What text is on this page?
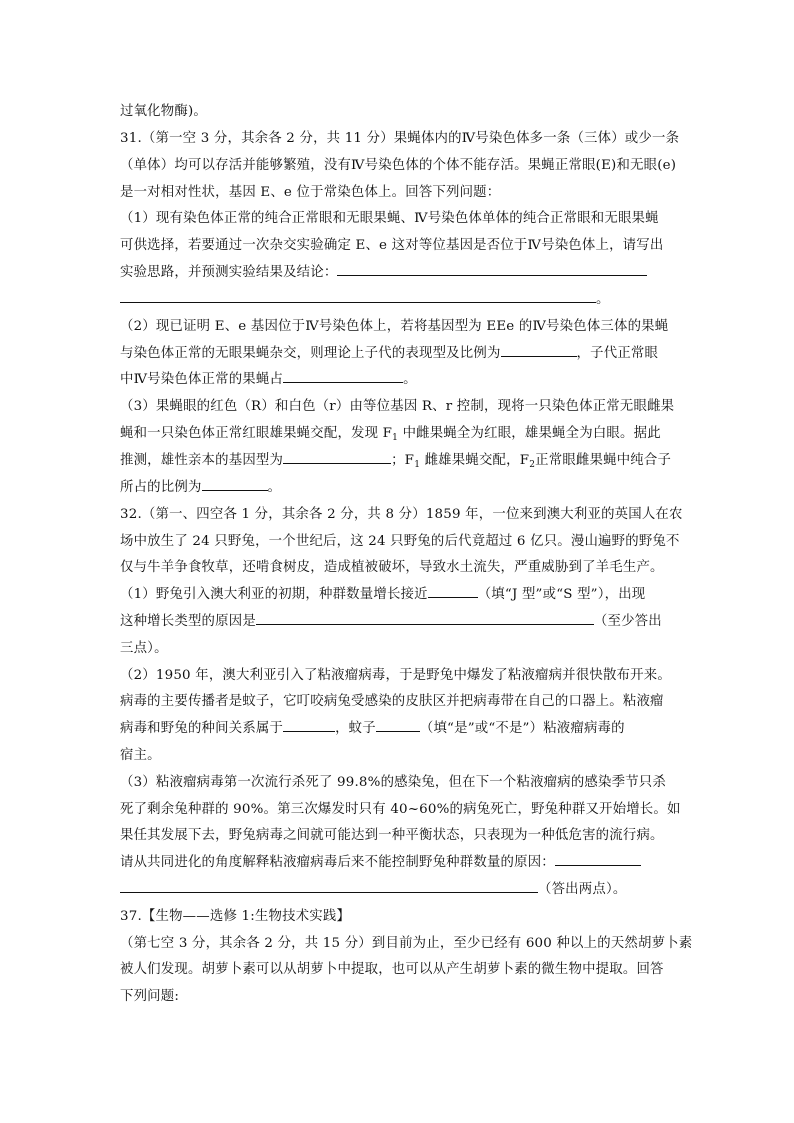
过氧化物酶)。
31.（第一空 3 分，其余各 2 分，共 11 分）果蝇体内的Ⅳ号染色体多一条（三体）或少一条
（单体）均可以存活并能够繁殖，没有Ⅳ号染色体的个体不能存活。果蝇正常眼(E)和无眼(e)
是一对相对性状，基因 E、e 位于常染色体上。回答下列问题：
（1）现有染色体正常的纯合正常眼和无眼果蝇、Ⅳ号染色体单体的纯合正常眼和无眼果蝇
可供选择，若要通过一次杂交实验确定 E、e 这对等位基因是否位于Ⅳ号染色体上，请写出
实验思路，并预测实验结果及结论：
。
（2）现已证明 E、e 基因位于Ⅳ号染色体上，若将基因型为 EEe 的Ⅳ号染色体三体的果蝇
与染色体正常的无眼果蝇杂交，则理论上子代的表现型及比例为	，子代正常眼
中Ⅳ号染色体正常的果蝇占	。
（3）果蝇眼的红色（R）和白色（r）由等位基因 R、r 控制，现将一只染色体正常无眼雌果
蝇和一只染色体正常红眼雄果蝇交配，发现 $F_1$ 中雌果蝇全为红眼，雄果蝇全为白眼。据此
推测，雄性亲本的基因型为	；$F_1$ 雌雄果蝇交配，$F_2$正常眼雌果蝇中纯合子
所占的比例为	。
32.（第一、四空各 1 分，其余各 2 分，共 8 分）1859 年，一位来到澳大利亚的英国人在农
场中放生了 24 只野兔，一个世纪后，这 24 只野兔的后代竟超过 6 亿只。漫山遍野的野兔不
仅与牛羊争食牧草，还啃食树皮，造成植被破坏，导致水土流失，严重威胁到了羊毛生产。
（1）野兔引入澳大利亚的初期，种群数量增长接近	（填“J 型”或“S 型”），出现
这种增长类型的原因是	（至少答出
三点）。
（2）1950 年，澳大利亚引入了粘液瘤病毒，于是野兔中爆发了粘液瘤病并很快散布开来。
病毒的主要传播者是蚊子，它叮咬病兔受感染的皮肤区并把病毒带在自己的口器上。粘液瘤
病毒和野兔的种间关系属于	，蚊子	（填“是”或“不是”）粘液瘤病毒的
宿主。
（3）粘液瘤病毒第一次流行杀死了 99.8%的感染兔，但在下一个粘液瘤病的感染季节只杀
死了剩余兔种群的 90%。第三次爆发时只有 40~60%的病兔死亡，野兔种群又开始增长。如
果任其发展下去，野兔病毒之间就可能达到一种平衡状态，只表现为一种低危害的流行病。
请从共同进化的角度解释粘液瘤病毒后来不能控制野兔种群数量的原因：
（答出两点）。
37.【生物——选修 1:生物技术实践】
（第七空 3 分，其余各 2 分，共 15 分）到目前为止，至少已经有 600 种以上的天然胡萝卜素
被人们发现。胡萝卜素可以从胡萝卜中提取，也可以从产生胡萝卜素的微生物中提取。回答
下列问题:
